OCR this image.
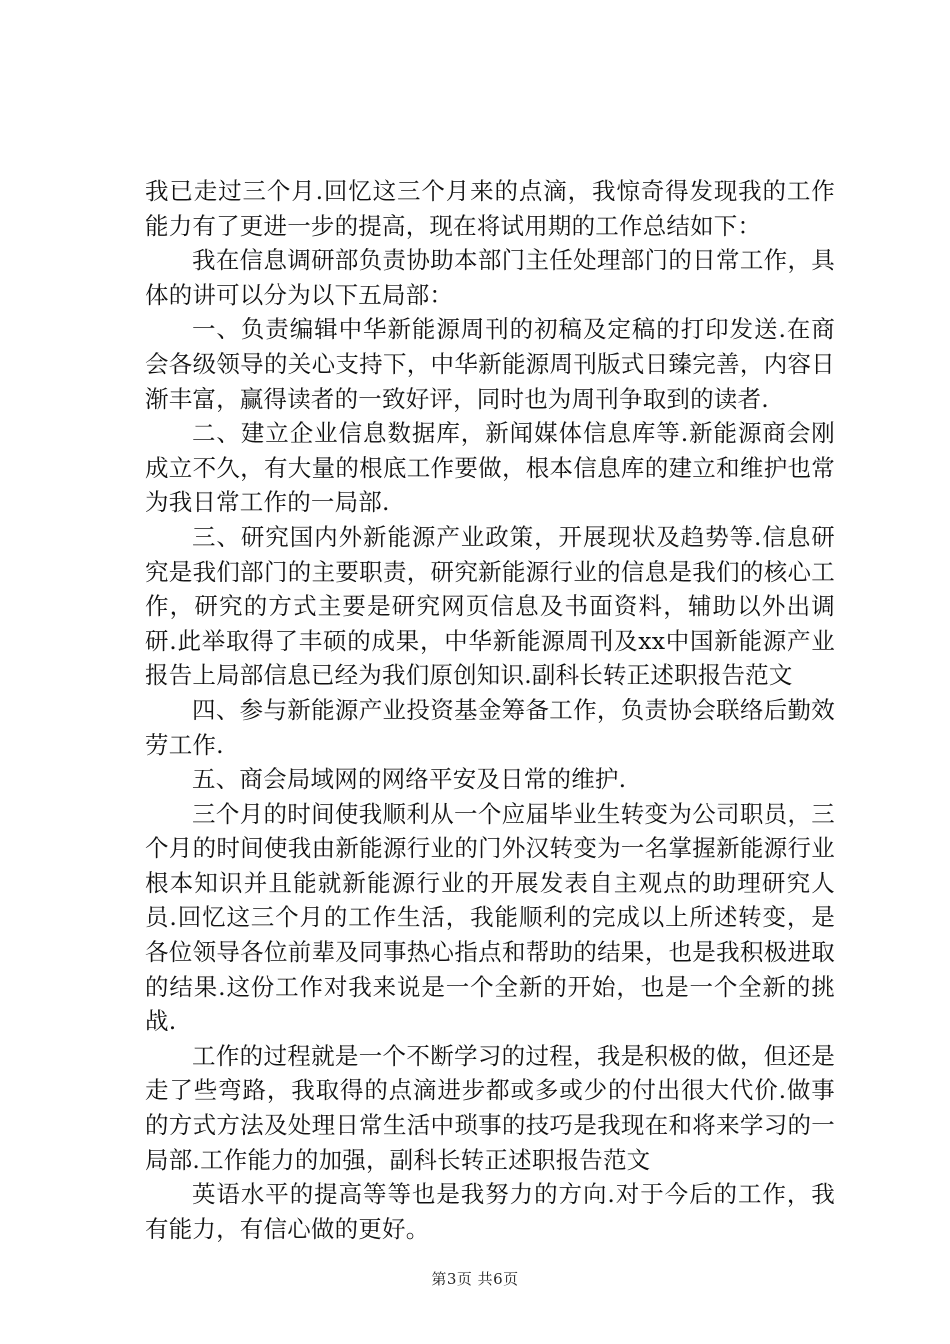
我已走过三个月.回忆这三个月来的点滴，我惊奇得发现我的工作能力有了更进一步的提高，现在将试用期的工作总结如下：

我在信息调研部负责协助本部门主任处理部门的日常工作，具体的讲可以分为以下五局部：

一、负责编辑中华新能源周刊的初稿及定稿的打印发送.在商会各级领导的关心支持下，中华新能源周刊版式日臻完善，内容日渐丰富，赢得读者的一致好评，同时也为周刊争取到的读者.

二、建立企业信息数据库，新闻媒体信息库等.新能源商会刚成立不久，有大量的根底工作要做，根本信息库的建立和维护也常为我日常工作的一局部.

三、研究国内外新能源产业政策，开展现状及趋势等.信息研究是我们部门的主要职责，研究新能源行业的信息是我们的核心工作，研究的方式主要是研究网页信息及书面资料，辅助以外出调研.此举取得了丰硕的成果，中华新能源周刊及xx中国新能源产业报告上局部信息已经为我们原创知识.副科长转正述职报告范文

四、参与新能源产业投资基金筹备工作，负责协会联络后勤效劳工作.

五、商会局域网的网络平安及日常的维护.

三个月的时间使我顺利从一个应届毕业生转变为公司职员，三个月的时间使我由新能源行业的门外汉转变为一名掌握新能源行业根本知识并且能就新能源行业的开展发表自主观点的助理研究人员.回忆这三个月的工作生活，我能顺利的完成以上所述转变，是各位领导各位前辈及同事热心指点和帮助的结果，也是我积极进取的结果.这份工作对我来说是一个全新的开始，也是一个全新的挑战.

工作的过程就是一个不断学习的过程，我是积极的做，但还是走了些弯路，我取得的点滴进步都或多或少的付出很大代价.做事的方式方法及处理日常生活中琐事的技巧是我现在和将来学习的一局部.工作能力的加强，副科长转正述职报告范文

英语水平的提高等等也是我努力的方向.对于今后的工作，我有能力，有信心做的更好。

第3页 共6页
